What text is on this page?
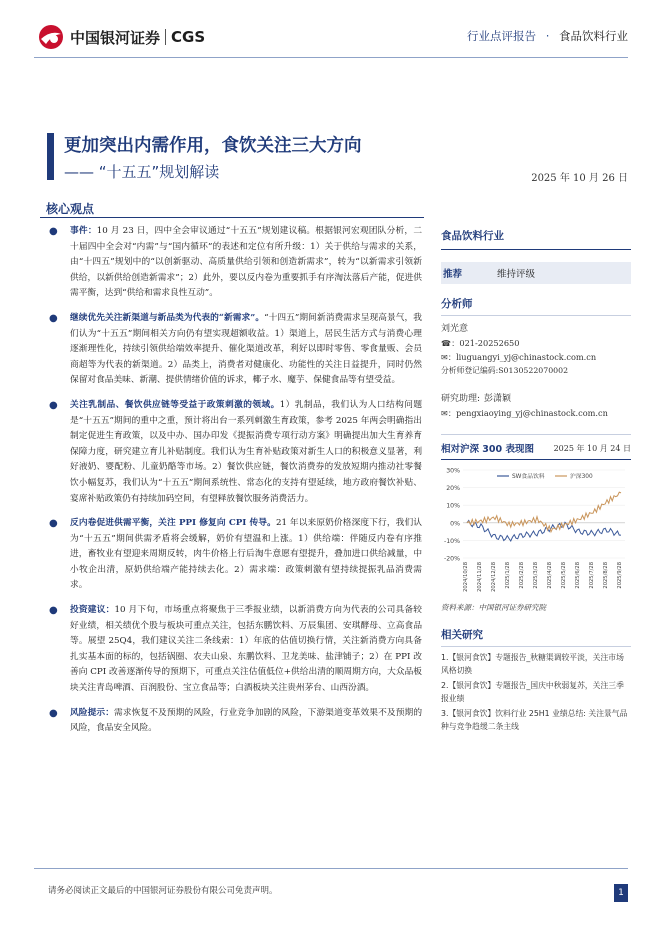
中国银河证券 CGS	行业点评报告 · 食品饮料行业
更加突出内需作用，食饮关注三大方向
—— “十五五”规划解读	2025 年 10 月 26 日
核心观点
● 事件：10 月 23 日，四中全会审议通过“十五五”规划建议稿。根据银河宏观团队分析，二十届四中全会对“内需”与“国内循环”的表述和定位有所升级：1）关于供给与需求的关系，由“十四五”规划中的“以创新驱动、高质量供给引领和创造新需求”，转为“以新需求引领新供给，以新供给创造新需求”；2）此外，要以反内卷为重要抓手有序淘汰落后产能，促进供需平衡，达到“供给和需求良性互动”。
● 继续优先关注新渠道与新品类为代表的“新需求”。“十四五”期间新消费需求呈现高景气，我们认为“十五五”期间相关方向仍有望实现超额收益。1）渠道上，居民生活方式与消费心理逐渐理性化，持续引领供给端效率提升、催化渠道改革，利好以即时零售、零食量贩、会员商超等为代表的新渠道。2）品类上，消费者对健康化、功能性的关注日益提升，同时仍然保留对食品美味、新潮、提供情绪价值的诉求，椰子水、魔芋、保健食品等有望受益。
● 关注乳制品、餐饮供应链等受益于政策刺激的领域。1）乳制品，我们认为人口结构问题是“十五五”期间的重中之重，预计将出台一系列刺激生育政策，参考 2025 年两会明确指出制定促进生育政策，以及中办、国办印发《提振消费专项行动方案》明确提出加大生育养育保障力度，研究建立育儿补贴制度。我们认为生育补贴政策对新生人口的积极意义显著，利好液奶、婴配粉、儿童奶酪等市场。2）餐饮供应链，餐饮消费券的发放短期内推动社零餐饮小幅复苏，我们认为“十五五”期间系统性、常态化的支持有望延续，地方政府餐饮补贴、宴席补贴政策仍有持续加码空间，有望释放餐饮服务消费活力。
● 反内卷促进供需平衡，关注 PPI 修复向 CPI 传导。21 年以来原奶价格深度下行，我们认为“十五五”期间供需矛盾将会缓解，奶价有望温和上涨。1）供给端：伴随反内卷有序推进，畜牧业有望迎来周期反转，肉牛价格上行后淘牛意愿有望提升，叠加进口供给减量，中小牧企出清，原奶供给端产能持续去化。2）需求端：政策刺激有望持续提振乳品消费需求。
● 投资建议：10 月下旬，市场重点将聚焦于三季报业绩，以新消费方向为代表的公司具备较好业绩，相关绩优个股与板块可重点关注，包括东鹏饮料、万辰集团、安琪酵母、立高食品等。展望 25Q4，我们建议关注二条线索：1）年底的估值切换行情，关注新消费方向具备扎实基本面的标的，包括锅圈、农夫山泉、东鹏饮料、卫龙美味、盐津铺子；2）在 PPI 改善向 CPI 改善逐渐传导的预期下，可重点关注估值低位+供给出清的顺周期方向，大众品板块关注青岛啤酒、百润股份、宝立食品等；白酒板块关注贵州茅台、山西汾酒。
● 风险提示：需求恢复不及预期的风险，行业竞争加剧的风险，下游渠道变革效果不及预期的风险，食品安全风险。
食品饮料行业
推荐	维持评级
分析师
刘光意
☎：021-20252650
✉：liuguangyi_yj@chinastock.com.cn
分析师登记编码:S0130522070002
研究助理: 彭潇颖
✉：pengxiaoying_yj@chinastock.com.cn
相对沪深 300 表现图 2025 年 10 月 24 日
30%
20%
10%
0%
-10%
-20%
2024/10/28 2024/11/28 2024/12/28 2025/1/28 2025/2/28 2025/3/28 2025/4/28 2025/5/28 2025/6/28 2025/7/28 2025/8/28 2025/9/28
SW食品饮料	沪深300
资料来源：中国银河证券研究院
相关研究
1.【银河食饮】专题报告_秋糖渠调较平淡，关注市场风格切换
2.【银河食饮】专题报告_国庆中秋弱复苏，关注三季报业绩
3.【银河食饮】饮料行业 25H1 业绩总结: 关注景气品种与竞争趋缓二条主线
请务必阅读正文最后的中国银河证券股份有限公司免责声明。	1
